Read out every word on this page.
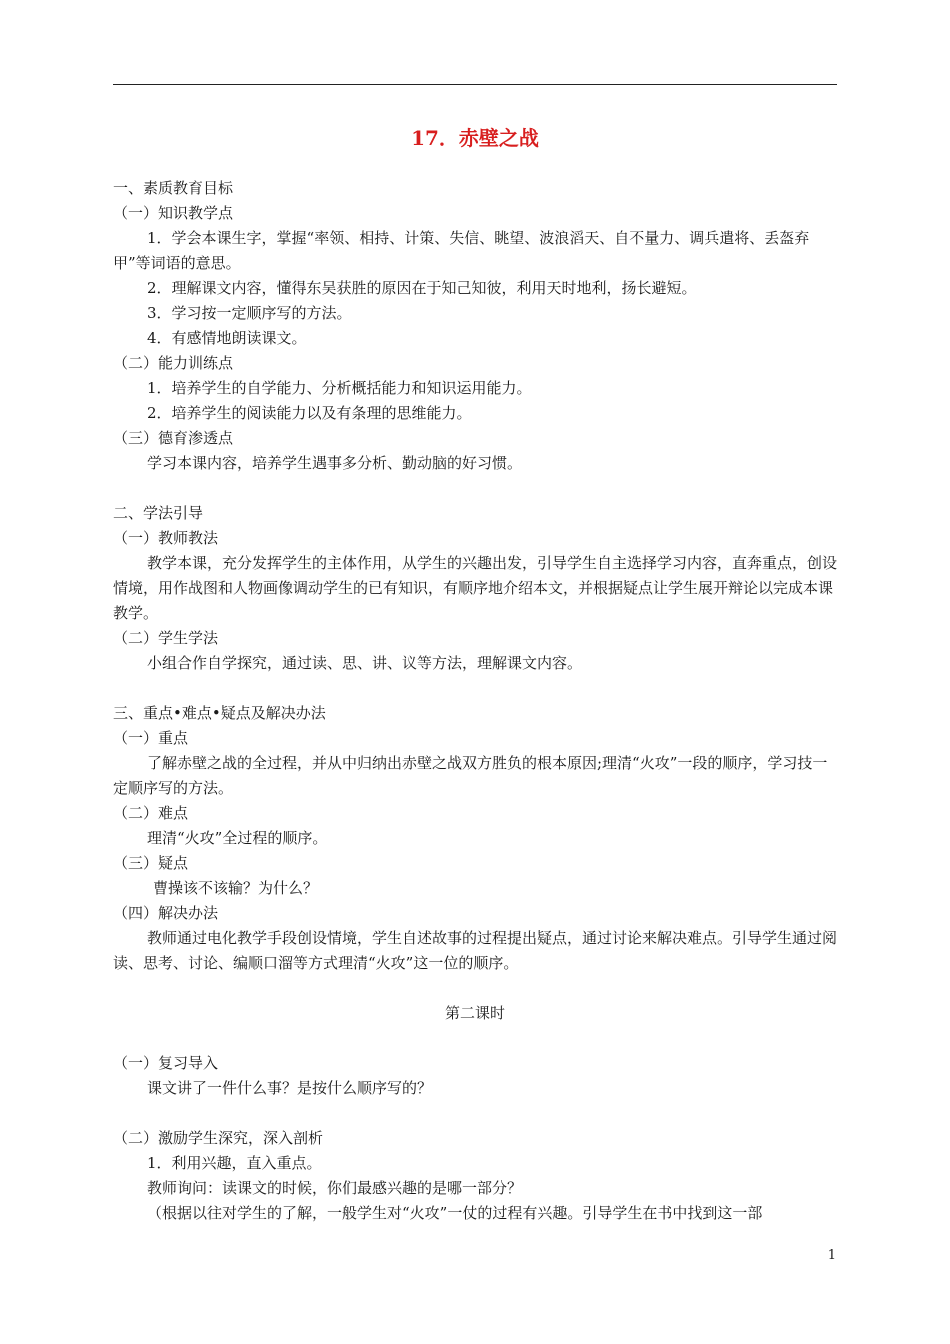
17．赤壁之战

一、素质教育目标

（一）知识教学点

1．学会本课生字，掌握“率领、相持、计策、失信、眺望、波浪滔天、自不量力、调兵遣将、丢盔弃甲”等词语的意思。

2．理解课文内容，懂得东吴获胜的原因在于知己知彼，利用天时地利，扬长避短。

3．学习按一定顺序写的方法。

4．有感情地朗读课文。

（二）能力训练点

1．培养学生的自学能力、分析概括能力和知识运用能力。

2．培养学生的阅读能力以及有条理的思维能力。

（三）德育渗透点

学习本课内容，培养学生遇事多分析、勤动脑的好习惯。

二、学法引导

（一）教师教法

教学本课，充分发挥学生的主体作用，从学生的兴趣出发，引导学生自主选择学习内容，直奔重点，创设情境，用作战图和人物画像调动学生的已有知识，有顺序地介绍本文，并根据疑点让学生展开辩论以完成本课教学。

（二）学生学法

小组合作自学探究，通过读、思、讲、议等方法，理解课文内容。

三、重点•难点•疑点及解决办法

（一）重点

了解赤壁之战的全过程，并从中归纳出赤壁之战双方胜负的根本原因;理清“火攻”一段的顺序，学习技一定顺序写的方法。

（二）难点

理清“火攻”全过程的顺序。

（三）疑点

曹操该不该输？为什么？

（四）解决办法

教师通过电化教学手段创设情境，学生自述故事的过程提出疑点，通过讨论来解决难点。引导学生通过阅读、思考、讨论、编顺口溜等方式理清“火攻”这一位的顺序。

第二课时

（一）复习导入

课文讲了一件什么事？是按什么顺序写的？

（二）激励学生深究，深入剖析

1．利用兴趣，直入重点。

教师询问：读课文的时候，你们最感兴趣的是哪一部分？

（根据以往对学生的了解，一般学生对“火攻”一仗的过程有兴趣。引导学生在书中找到这一部

1
